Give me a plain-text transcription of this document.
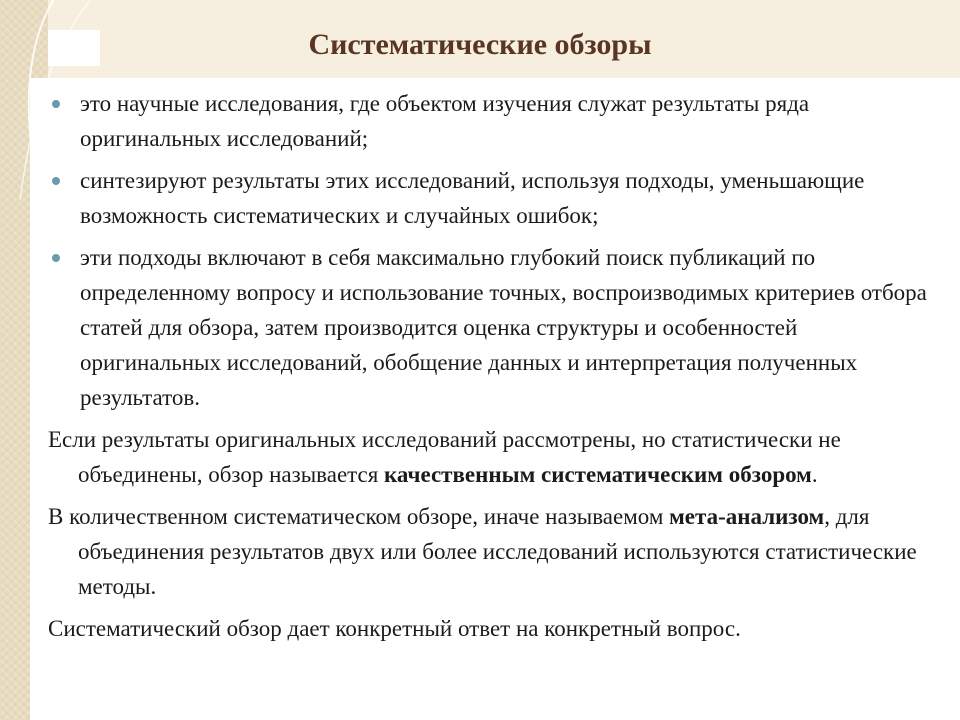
Систематические обзоры
это научные исследования, где объектом изучения служат результаты ряда оригинальных исследований;
синтезируют результаты этих исследований, используя подходы, уменьшающие возможность систематических и случайных ошибок;
эти подходы включают в себя максимально глубокий поиск публикаций по определенному вопросу и использование точных, воспроизводимых критериев отбора статей для обзора, затем производится оценка структуры и особенностей оригинальных исследований, обобщение данных и интерпретация полученных результатов.
Если результаты оригинальных исследований рассмотрены, но статистически не объединены, обзор называется качественным систематическим обзором.
В количественном систематическом обзоре, иначе называемом мета-анализом, для объединения результатов двух или более исследований используются статистические методы.
Систематический обзор дает конкретный ответ на конкретный вопрос.
